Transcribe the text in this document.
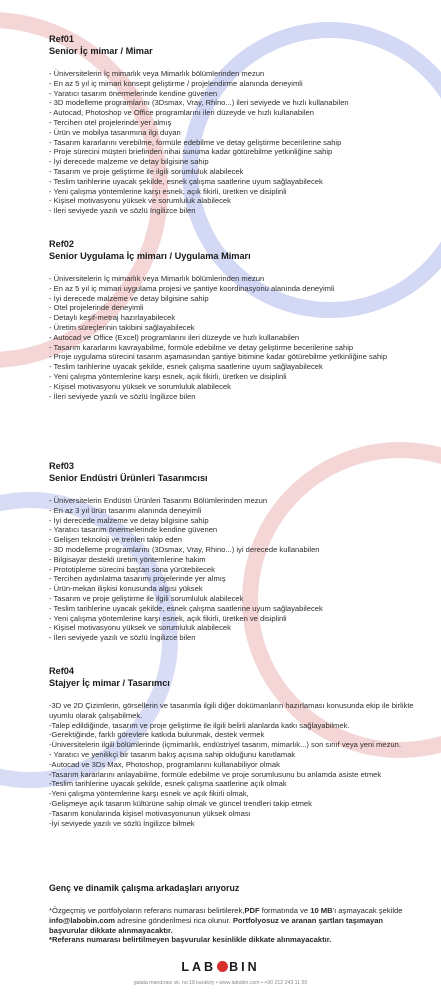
Ref01
Senior İç mimar / Mimar
- Üniversitelerin İç mimarlık veya Mimarlık bölümlerinden mezun
- En az 5 yıl iç mimari konsept geliştirme / projelendirme alanında deneyimli
- Yaratıcı tasarım önermelerinde kendine güvenen
- 3D modelleme programlarını (3Dsmax, Vray, Rhino...) ileri seviyede ve hızlı kullanabilen
- Autocad, Photoshop ve Office programlarını ileri düzeyde ve hızlı kullanabilen
- Tercihen otel projelerinde yer almış
- Ürün ve mobilya tasarımına ilgi duyan
- Tasarım kararlarını verebilme, formüle edebilme ve detay geliştirme becerilerine sahip
- Proje sürecini müşteri briefinden nihai sunuma kadar götürebilme yetkinliğine sahip
- İyi derecede malzeme ve detay bilgisine sahip
- Tasarım ve proje geliştirme ile ilgili sorumluluk alabilecek
- Teslim tarihlerine uyacak şekilde, esnek çalışma saatlerine uyum sağlayabilecek
- Yeni çalışma yöntemlerine karşı esnek, açık fikirli, üretken ve disiplinli
- Kişisel motivasyonu yüksek ve sorumluluk alabilecek
- İleri seviyede yazılı ve sözlü İngilizce bilen
Ref02
Senior Uygulama İç mimarı / Uygulama Mimarı
- Üniversitelerin İç mimarlık veya Mimarlık bölümlerinden mezun
- En az 5 yıl iç mimari uygulama projesi ve şantiye koordinasyonu alanında deneyimli
- İyi derecede malzeme ve detay bilgisine sahip
- Otel projelerinde deneyimli
- Detaylı keşif-metraj hazırlayabilecek
- Üretim süreçlerinin takibini sağlayabilecek
- Autocad ve Office (Excel) programlarını ileri düzeyde ve hızlı kullanabilen
- Tasarım kararlarını kavrayabilme, formüle edebilme ve detay geliştirme becerilerine sahip
- Proje uygulama sürecini tasarım aşamasından şantiye bitimine kadar götürebilme yetkinliğine sahip
- Teslim tarihlerine uyacak şekilde, esnek çalışma saatlerine uyum sağlayabilecek
- Yeni çalışma yöntemlerine karşı esnek, açık fikirli, üretken ve disiplinli
- Kişisel motivasyonu yüksek ve sorumluluk alabilecek
- İleri seviyede yazılı ve sözlü İngilizce bilen
Ref03
Senior Endüstri Ürünleri Tasarımcısı
- Üniversitelerin Endüstri Ürünleri Tasarımı Bölümlerinden mezun
- En az 3 yıl ürün tasarımı alanında deneyimli
- İyi derecede malzeme ve detay bilgisine sahip
- Yaratıcı tasarım önermelerinde kendine güvenen
- Gelişen teknoloji ve trenleri takip eden
- 3D modelleme programlarını (3Dsmax, Vray, Rhino...) iyi derecede kullanabilen
- Bilgisayar destekli üretim yöntemlerine hakim
- Prototipleme sürecini baştan sona yürütebilecek
- Tercihen aydınlatma tasarımı projelerinde yer almış
- Ürün-mekan ilişkisi konusunda algısı yüksek
- Tasarım ve proje geliştirme ile ilgili sorumluluk alabilecek
- Teslim tarihlerine uyacak şekilde, esnek çalışma saatlerine uyum sağlayabilecek
- Yeni çalışma yöntemlerine karşı esnek, açık fikirli, üretken ve disiplinli
- Kişisel motivasyonu yüksek ve sorumluluk alabilecek
- İleri seviyede yazılı ve sözlü İngilizce bilen
Ref04
Stajyer İç mimar / Tasarımcı
-3D ve 2D Çizimlerin, görsellerin ve tasarımla ilgili diğer dokümanların hazırlaması konusunda ekip ile birlikte uyumlu olarak çalışabilmek.
-Talep edildiğinde, tasarım ve proje geliştirme ile ilgili belirli alanlarda katkı sağlayabilmek.
-Gerektiğinde, farklı görevlere katkıda bulunmak, destek vermek
-Üniversitelerin ilgili bölümlerinde (içmimarlık, endüstriyel tasarım, mimarlık...) son sınıf veya yeni mezun.
- Yaratıcı ve yenilikçi bir tasarım bakış açısına sahip olduğunu kanıtlamak
-Autocad ve 3Ds Max, Photoshop, programlarını kullanabiliyor olmak
-Tasarım kararlarını anlayabilme, formüle edebilme ve proje sorumlusunu bu anlamda asiste etmek
-Teslim tarihlerine uyacak şekilde, esnek çalışma saatlerine açık olmak
-Yeni çalışma yöntemlerine karşı esnek ve açık fikirli olmak,
-Gelişmeye açık tasarım kültürüne sahip olmak ve güncel trendleri takip etmek
-Tasarım konularında kişisel motivasyonunun yüksek olması
-İyi seviyede yazılı ve sözlü İngilizce bilmek
Genç ve dinamik çalışma arkadaşları arıyoruz
*Özgeçmiş ve portfolyoların referans numarası belirtilerek,PDF formatında ve 10 MB'ı aşmayacak şekilde info@labobin.com adresine gönderilmesi rica olunur. Portfolyosuz ve aranan şartları taşımayan başvurular dikkate alınmayacaktır.
*Referans numarası belirtilmeyen başvurular kesinlikle dikkate alınmayacaktır.
LAB BIN
galata mandırası sk. no:18 karaköy • www.labobin.com • +90 212 243 11 55
